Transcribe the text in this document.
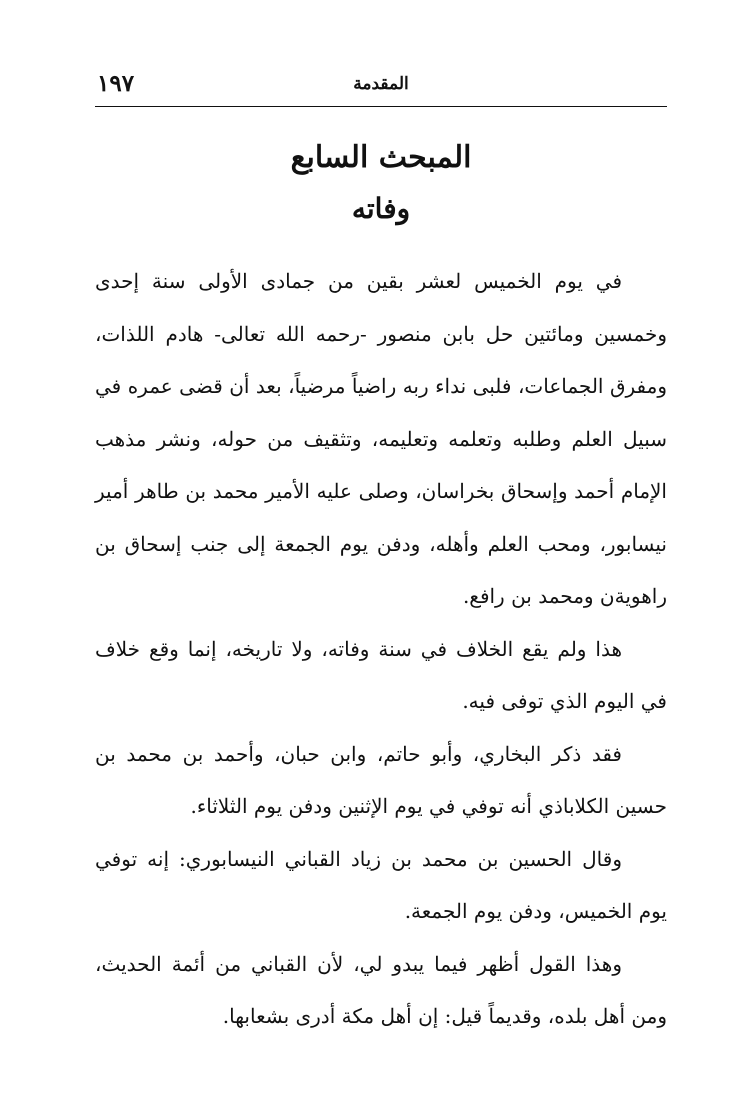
١٩٧	المقدمة
المبحث السابع
وفاته

في يوم الخميس لعشر بقين من جمادى الأولى سنة إحدى وخمسين ومائتين حل بابن منصور -رحمه الله تعالى- هادم اللذات، ومفرق الجماعات، فلبى نداء ربه راضياً مرضياً، بعد أن قضى عمره في سبيل العلم وطلبه وتعلمه وتعليمه، وتثقيف من حوله، ونشر مذهب الإمام أحمد وإسحاق بخراسان، وصلى عليه الأمير محمد بن طاهر أمير نيسابور، ومحب العلم وأهله، ودفن يوم الجمعة إلى جنب إسحاق بن راهويةن ومحمد بن رافع.

هذا ولم يقع الخلاف في سنة وفاته، ولا تاريخه، إنما وقع خلاف في اليوم الذي توفى فيه.

فقد ذكر البخاري، وأبو حاتم، وابن حبان، وأحمد بن محمد بن حسين الكلاباذي أنه توفي في يوم الإثنين ودفن يوم الثلاثاء.

وقال الحسين بن محمد بن زياد القباني النيسابوري: إنه توفي يوم الخميس، ودفن يوم الجمعة.

وهذا القول أظهر فيما يبدو لي، لأن القباني من أئمة الحديث، ومن أهل بلده، وقديماً قيل: إن أهل مكة أدرى بشعابها.
